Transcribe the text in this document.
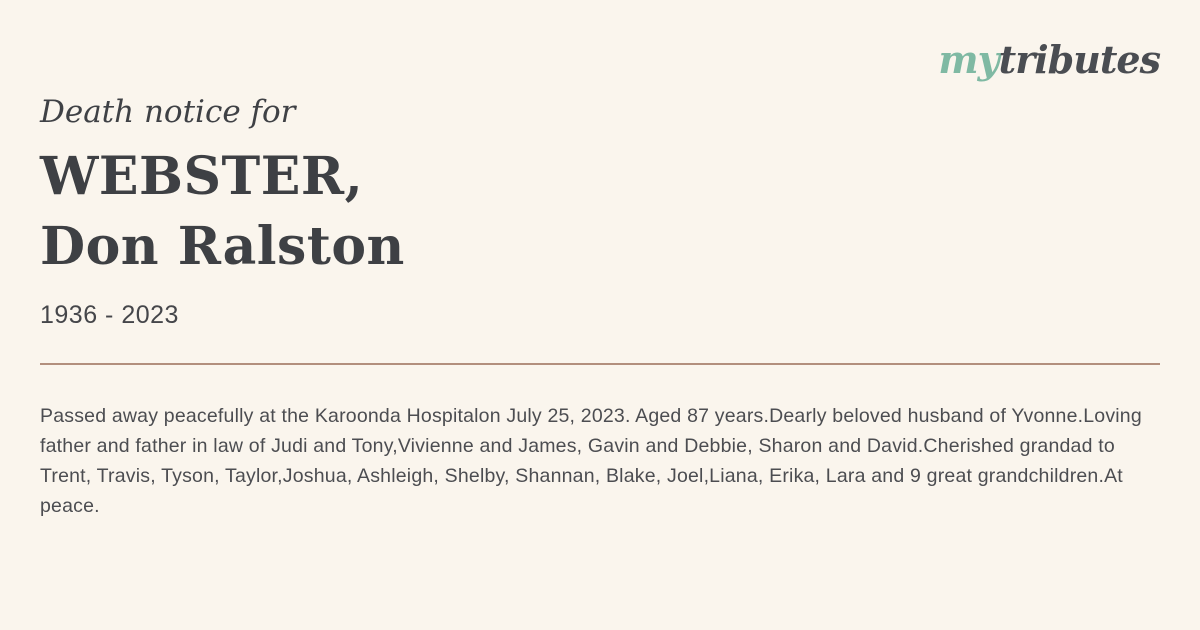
mytributes
Death notice for
WEBSTER,
Don Ralston
1936 - 2023

Passed away peacefully at the Karoonda Hospitalon July 25, 2023. Aged 87 years.Dearly beloved husband of Yvonne.Loving father and father in law of Judi and Tony,Vivienne and James, Gavin and Debbie, Sharon and David.Cherished grandad to Trent, Travis, Tyson, Taylor,Joshua, Ashleigh, Shelby, Shannan, Blake, Joel,Liana, Erika, Lara and 9 great grandchildren.At peace.
